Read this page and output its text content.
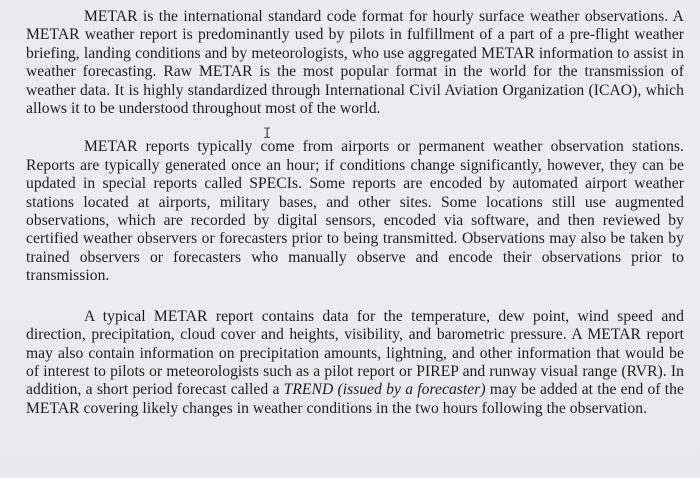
METAR is the international standard code format for hourly surface weather observations. A METAR weather report is predominantly used by pilots in fulfillment of a part of a pre-flight weather briefing, landing conditions and by meteorologists, who use aggregated METAR information to assist in weather forecasting. Raw METAR is the most popular format in the world for the transmission of weather data. It is highly standardized through International Civil Aviation Organization (ICAO), which allows it to be understood throughout most of the world.

METAR reports typically come from airports or permanent weather observation stations. Reports are typically generated once an hour; if conditions change significantly, however, they can be updated in special reports called SPECIs. Some reports are encoded by automated airport weather stations located at airports, military bases, and other sites. Some locations still use augmented observations, which are recorded by digital sensors, encoded via software, and then reviewed by certified weather observers or forecasters prior to being transmitted. Observations may also be taken by trained observers or forecasters who manually observe and encode their observations prior to transmission.

A typical METAR report contains data for the temperature, dew point, wind speed and direction, precipitation, cloud cover and heights, visibility, and barometric pressure. A METAR report may also contain information on precipitation amounts, lightning, and other information that would be of interest to pilots or meteorologists such as a pilot report or PIREP and runway visual range (RVR). In addition, a short period forecast called a TREND (issued by a forecaster) may be added at the end of the METAR covering likely changes in weather conditions in the two hours following the observation.

I
